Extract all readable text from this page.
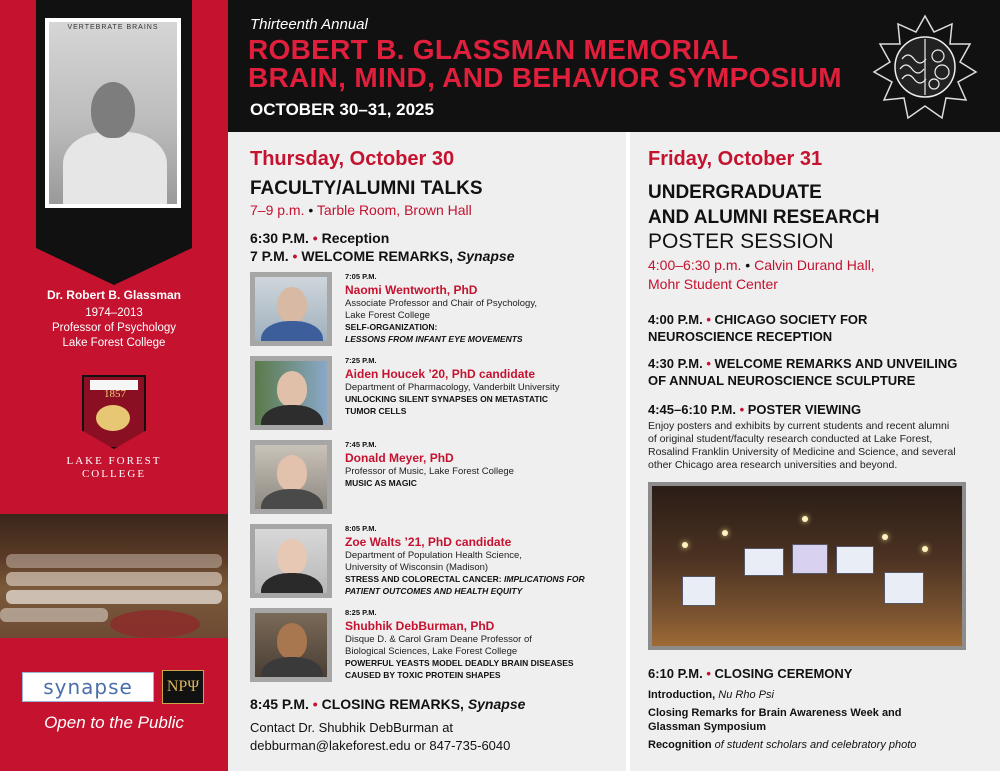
VERTEBRATE BRAINS
Dr. Robert B. Glassman
1974–2013
Professor of Psychology
Lake Forest College
1857
LAKE FOREST
COLLEGE
synapse	NΡΨ
Open to the Public
Thirteenth Annual
ROBERT B. GLASSMAN MEMORIAL
BRAIN, MIND, AND BEHAVIOR SYMPOSIUM
OCTOBER 30–31, 2025
Thursday, October 30
FACULTY/ALUMNI TALKS
7–9 p.m. • Tarble Room, Brown Hall
6:30 P.M. • Reception
7 P.M. • WELCOME REMARKS, Synapse
7:05 P.M.
Naomi Wentworth, PhD
Associate Professor and Chair of Psychology,
Lake Forest College
SELF-ORGANIZATION:
LESSONS FROM INFANT EYE MOVEMENTS
7:25 P.M.
Aiden Houcek ’20, PhD candidate
Department of Pharmacology, Vanderbilt University
UNLOCKING SILENT SYNAPSES ON METASTATIC
TUMOR CELLS
7:45 P.M.
Donald Meyer, PhD
Professor of Music, Lake Forest College
MUSIC AS MAGIC
8:05 P.M.
Zoe Walts ’21, PhD candidate
Department of Population Health Science,
University of Wisconsin (Madison)
STRESS AND COLORECTAL CANCER: IMPLICATIONS FOR
PATIENT OUTCOMES AND HEALTH EQUITY
8:25 P.M.
Shubhik DebBurman, PhD
Disque D. & Carol Gram Deane Professor of
Biological Sciences, Lake Forest College
POWERFUL YEASTS MODEL DEADLY BRAIN DISEASES
CAUSED BY TOXIC PROTEIN SHAPES
8:45 P.M. • CLOSING REMARKS, Synapse
Contact Dr. Shubhik DebBurman at
debburman@lakeforest.edu or 847-735-6040
Friday, October 31
UNDERGRADUATE
AND ALUMNI RESEARCH
POSTER SESSION
4:00–6:30 p.m. • Calvin Durand Hall,
Mohr Student Center
4:00 P.M. • CHICAGO SOCIETY FOR
NEUROSCIENCE RECEPTION
4:30 P.M. • WELCOME REMARKS AND UNVEILING
OF ANNUAL NEUROSCIENCE SCULPTURE
4:45–6:10 P.M. • POSTER VIEWING
Enjoy posters and exhibits by current students and recent alumni
of original student/faculty research conducted at Lake Forest,
Rosalind Franklin University of Medicine and Science, and several
other Chicago area research universities and beyond.
6:10 P.M. • CLOSING CEREMONY
Introduction, Nu Rho Psi
Closing Remarks for Brain Awareness Week and
Glassman Symposium
Recognition of student scholars and celebratory photo
